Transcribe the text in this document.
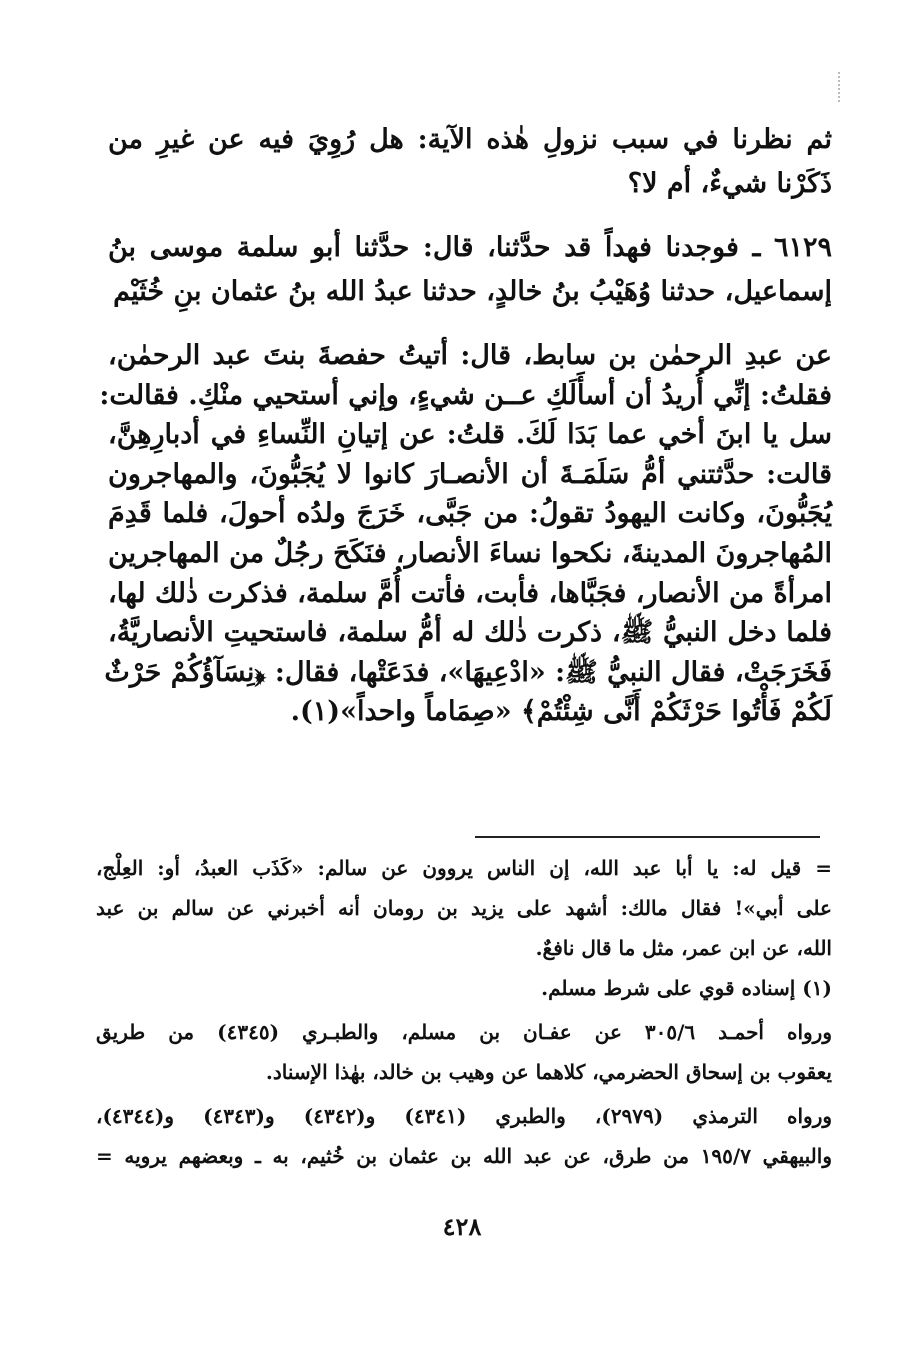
ثم نظرنا في سبب نزولِ هٰذه الآية: هل رُوِيَ فيه عن غيرِ من
ذَكَرْنا شيءٌ، أم لا؟
٦١٢٩ ـ فوجدنا فهداً قد حدَّثنا، قال: حدَّثنا أبو سلمة موسى بنُ
إسماعيل، حدثنا وُهَيْبُ بنُ خالدٍ، حدثنا عبدُ الله بنُ عثمان بنِ خُثَيْم
عن عبدِ الرحمٰن بن سابط، قال: أتيتُ حفصةَ بنتَ عبد الرحمٰن،
فقلتُ: إنِّي أُريدُ أن أسأَلَكِ عــن شيءٍ، وإني أستحيي منْكِ. فقالت:
سل يا ابنَ أخي عما بَدَا لَكَ. قلتُ: عن إتيانِ النِّساءِ في أدبارِهِنَّ،
قالت: حدَّثتني أمُّ سَلَمَـةَ أن الأنصـارَ كانوا لا يُجَبُّونَ، والمهاجرون
يُجَبُّونَ، وكانت اليهودُ تقولُ: من جَبَّى، خَرَجَ ولدُه أحولَ، فلما قَدِمَ
المُهاجرونَ المدينةَ، نكحوا نساءَ الأنصار، فنَكَحَ رجُلٌ من المهاجرين
امرأةً من الأنصار، فجَبَّاها، فأبت، فأتت أُمَّ سلمة، فذكرت ذٰلك لها،
فلما دخل النبيُّ ﷺ، ذكرت ذٰلك له أمُّ سلمة، فاستحيتِ الأنصاريَّةُ،
فَخَرَجَتْ، فقال النبيُّ ﷺ: «ادْعِيهَا»، فدَعَتْها، فقال: ﴿نِسَآؤُكُمْ حَرْثٌ
لَكُمْ فَأْتُوا حَرْثَكُمْ أَنَّى شِئْتُمْ﴾ «صِمَاماً واحداً»(١).
= قيل له: يا أبا عبد الله، إن الناس يروون عن سالم: «كَذَب العبدُ، أو: العِلْج،
على أبي»! فقال مالك: أشهد على يزيد بن رومان أنه أخبرني عن سالم بن عبد
الله، عن ابن عمر، مثل ما قال نافعٌ.
(١) إسناده قوي على شرط مسلم.
ورواه أحمـد ٣٠٥/٦ عن عفـان بن مسلم، والطبـري (٤٣٤٥) من طريق
يعقوب بن إسحاق الحضرمي، كلاهما عن وهيب بن خالد، بهٰذا الإسناد.
ورواه الترمذي (٢٩٧٩)، والطبري (٤٣٤١) و(٤٣٤٢) و(٤٣٤٣) و(٤٣٤٤)،
والبيهقي ١٩٥/٧ من طرق، عن عبد الله بن عثمان بن خُثيم، به ـ وبعضهم يرويه =
٤٢٨
